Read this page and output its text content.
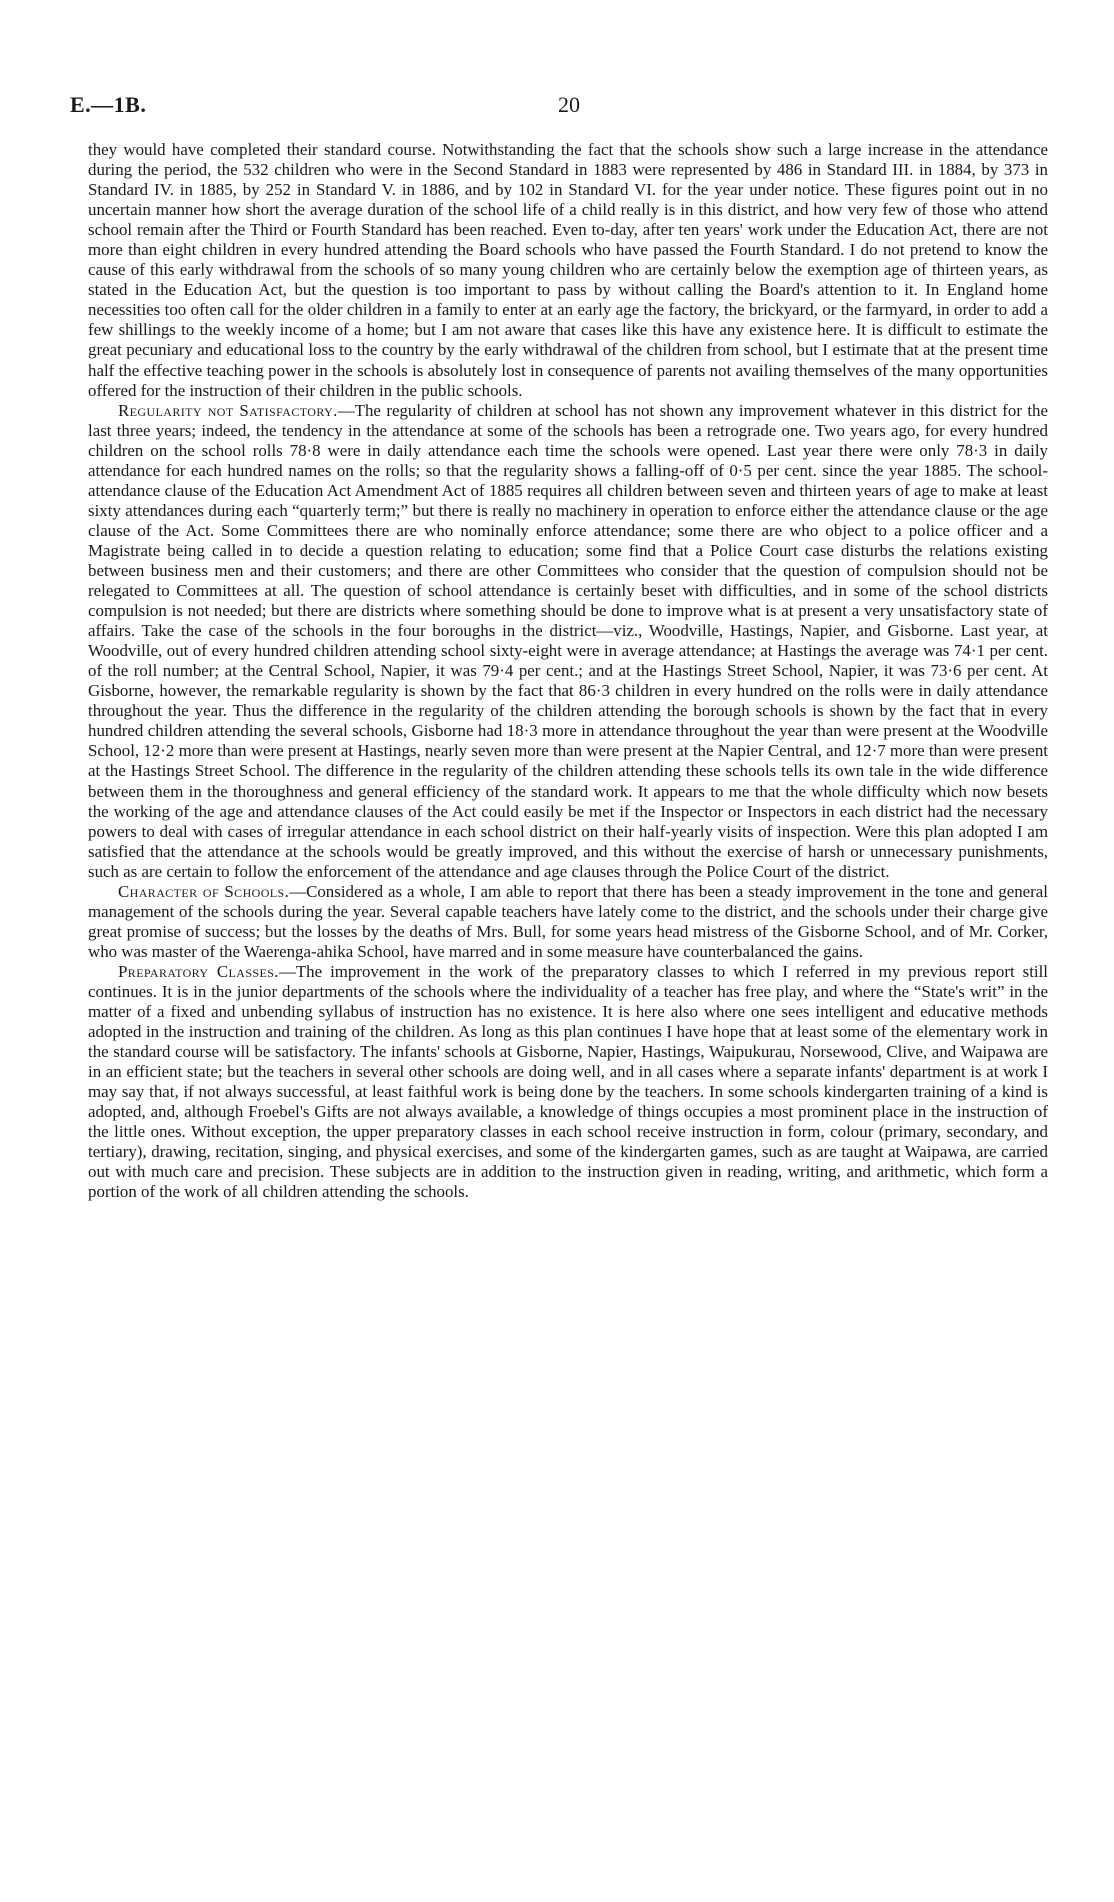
E.—1B.	20

they would have completed their standard course. Notwithstanding the fact that the schools show such a large increase in the attendance during the period, the 532 children who were in the Second Standard in 1883 were represented by 486 in Standard III. in 1884, by 373 in Standard IV. in 1885, by 252 in Standard V. in 1886, and by 102 in Standard VI. for the year under notice. These figures point out in no uncertain manner how short the average duration of the school life of a child really is in this district, and how very few of those who attend school remain after the Third or Fourth Standard has been reached. Even to-day, after ten years' work under the Education Act, there are not more than eight children in every hundred attending the Board schools who have passed the Fourth Standard. I do not pretend to know the cause of this early withdrawal from the schools of so many young children who are certainly below the exemption age of thirteen years, as stated in the Education Act, but the question is too important to pass by without calling the Board's attention to it. In England home necessities too often call for the older children in a family to enter at an early age the factory, the brickyard, or the farmyard, in order to add a few shillings to the weekly income of a home; but I am not aware that cases like this have any existence here. It is difficult to estimate the great pecuniary and educational loss to the country by the early withdrawal of the children from school, but I estimate that at the present time half the effective teaching power in the schools is absolutely lost in consequence of parents not availing themselves of the many opportunities offered for the instruction of their children in the public schools.

Regularity not Satisfactory.—The regularity of children at school has not shown any improvement whatever in this district for the last three years; indeed, the tendency in the attendance at some of the schools has been a retrograde one. Two years ago, for every hundred children on the school rolls 78·8 were in daily attendance each time the schools were opened. Last year there were only 78·3 in daily attendance for each hundred names on the rolls; so that the regularity shows a falling-off of 0·5 per cent. since the year 1885. The school-attendance clause of the Education Act Amendment Act of 1885 requires all children between seven and thirteen years of age to make at least sixty attendances during each “quarterly term;” but there is really no machinery in operation to enforce either the attendance clause or the age clause of the Act. Some Committees there are who nominally enforce attendance; some there are who object to a police officer and a Magistrate being called in to decide a question relating to education; some find that a Police Court case disturbs the relations existing between business men and their customers; and there are other Committees who consider that the question of compulsion should not be relegated to Committees at all. The question of school attendance is certainly beset with difficulties, and in some of the school districts compulsion is not needed; but there are districts where something should be done to improve what is at present a very unsatisfactory state of affairs. Take the case of the schools in the four boroughs in the district—viz., Woodville, Hastings, Napier, and Gisborne. Last year, at Woodville, out of every hundred children attending school sixty-eight were in average attendance; at Hastings the average was 74·1 per cent. of the roll number; at the Central School, Napier, it was 79·4 per cent.; and at the Hastings Street School, Napier, it was 73·6 per cent. At Gisborne, however, the remarkable regularity is shown by the fact that 86·3 children in every hundred on the rolls were in daily attendance throughout the year. Thus the difference in the regularity of the children attending the borough schools is shown by the fact that in every hundred children attending the several schools, Gisborne had 18·3 more in attendance throughout the year than were present at the Woodville School, 12·2 more than were present at Hastings, nearly seven more than were present at the Napier Central, and 12·7 more than were present at the Hastings Street School. The difference in the regularity of the children attending these schools tells its own tale in the wide difference between them in the thoroughness and general efficiency of the standard work. It appears to me that the whole difficulty which now besets the working of the age and attendance clauses of the Act could easily be met if the Inspector or Inspectors in each district had the necessary powers to deal with cases of irregular attendance in each school district on their half-yearly visits of inspection. Were this plan adopted I am satisfied that the attendance at the schools would be greatly improved, and this without the exercise of harsh or unnecessary punishments, such as are certain to follow the enforcement of the attendance and age clauses through the Police Court of the district.

Character of Schools.—Considered as a whole, I am able to report that there has been a steady improvement in the tone and general management of the schools during the year. Several capable teachers have lately come to the district, and the schools under their charge give great promise of success; but the losses by the deaths of Mrs. Bull, for some years head mistress of the Gisborne School, and of Mr. Corker, who was master of the Waerenga-ahika School, have marred and in some measure have counterbalanced the gains.

Preparatory Classes.—The improvement in the work of the preparatory classes to which I referred in my previous report still continues. It is in the junior departments of the schools where the individuality of a teacher has free play, and where the “State's writ” in the matter of a fixed and unbending syllabus of instruction has no existence. It is here also where one sees intelligent and educative methods adopted in the instruction and training of the children. As long as this plan continues I have hope that at least some of the elementary work in the standard course will be satisfactory. The infants' schools at Gisborne, Napier, Hastings, Waipukurau, Norsewood, Clive, and Waipawa are in an efficient state; but the teachers in several other schools are doing well, and in all cases where a separate infants' department is at work I may say that, if not always successful, at least faithful work is being done by the teachers. In some schools kindergarten training of a kind is adopted, and, although Froebel's Gifts are not always available, a knowledge of things occupies a most prominent place in the instruction of the little ones. Without exception, the upper preparatory classes in each school receive instruction in form, colour (primary, secondary, and tertiary), drawing, recitation, singing, and physical exercises, and some of the kindergarten games, such as are taught at Waipawa, are carried out with much care and precision. These subjects are in addition to the instruction given in reading, writing, and arithmetic, which form a portion of the work of all children attending the schools.
